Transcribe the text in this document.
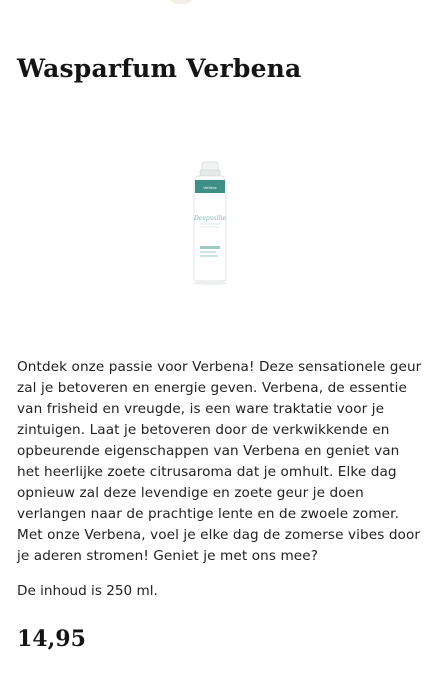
Wasparfum Verbena
Verbena
Deepvallie

Ontdek onze passie voor Verbena! Deze sensationele geur zal je betoveren en energie geven. Verbena, de essentie van frisheid en vreugde, is een ware traktatie voor je zintuigen. Laat je betoveren door de verkwikkende en opbeurende eigenschappen van Verbena en geniet van het heerlijke zoete citrusaroma dat je omhult. Elke dag opnieuw zal deze levendige en zoete geur je doen verlangen naar de prachtige lente en de zwoele zomer. Met onze Verbena, voel je elke dag de zomerse vibes door je aderen stromen! Geniet je met ons mee?

De inhoud is 250 ml.

14,95
